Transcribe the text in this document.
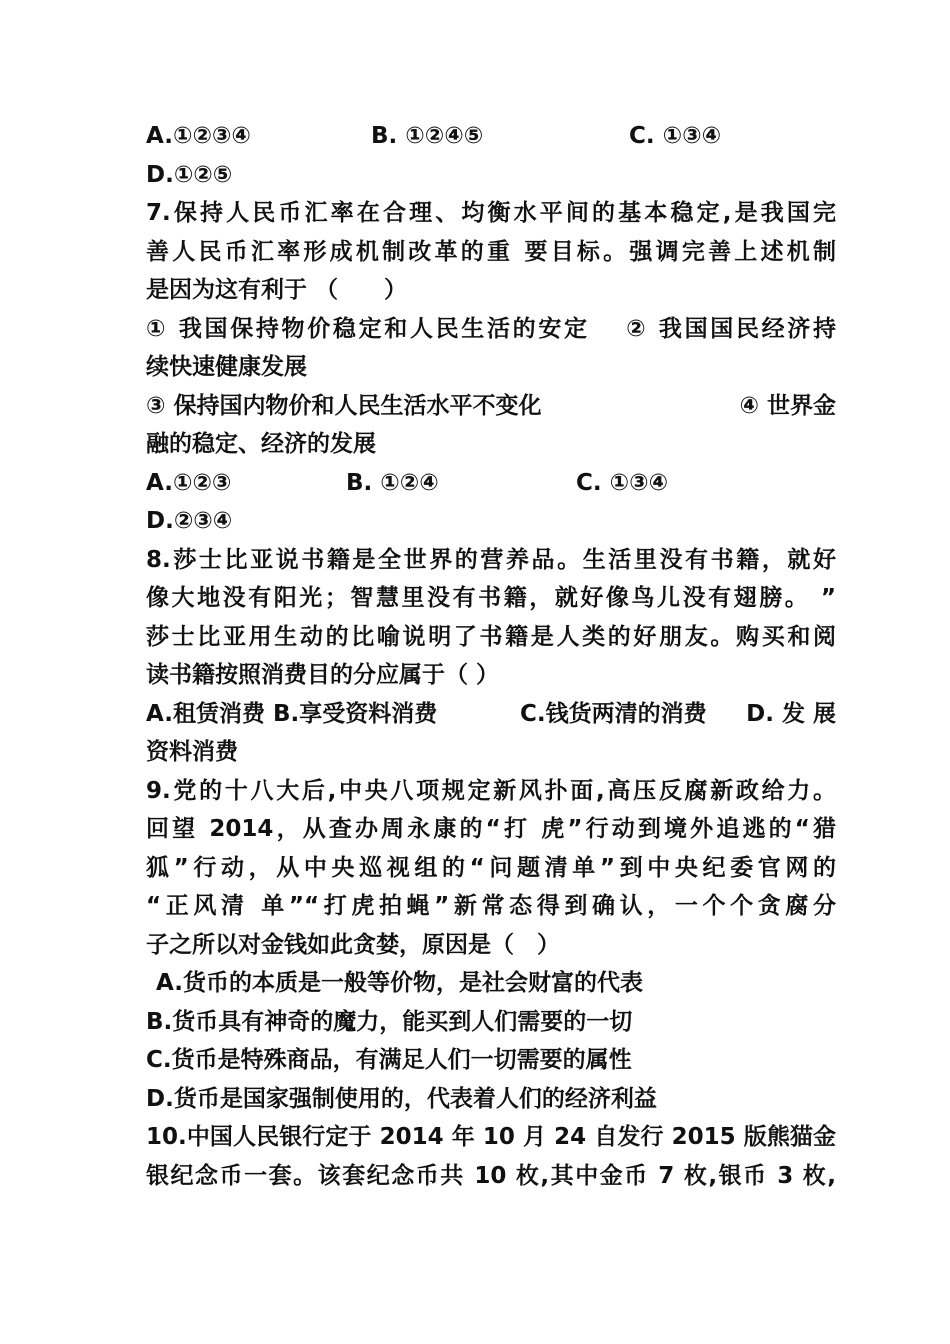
A.①②③④	B. ①②④⑤	C. ①③④
D.①②⑤
7.保持人民币汇率在合理、均衡水平间的基本稳定,是我国完
善人民币汇率形成机制改革的重 要目标。强调完善上述机制
是因为这有利于 （　　）
① 我国保持物价稳定和人民生活的安定　 ② 我国国民经济持
续快速健康发展
③ 保持国内物价和人民生活水平不变化	④ 世界金
融的稳定、经济的发展
A.①②③	B. ①②④	C. ①③④
D.②③④
8.莎士比亚说书籍是全世界的营养品。生活里没有书籍，就好
像大地没有阳光；智慧里没有书籍，就好像鸟儿没有翅膀。 ”
莎士比亚用生动的比喻说明了书籍是人类的好朋友。购买和阅
读书籍按照消费目的分应属于（ ）
A.租赁消费 B.享受资料消费	C.钱货两清的消费 D. 发 展
资料消费
9.党的十八大后,中央八项规定新风扑面,高压反腐新政给力。
回望 2014，从查办周永康的“打 虎”行动到境外追逃的“猎
狐”行动，从中央巡视组的“问题清单”到中央纪委官网的
“正风清 单”“打虎拍蝇”新常态得到确认，一个个贪腐分
子之所以对金钱如此贪婪，原因是（　）
A.货币的本质是一般等价物，是社会财富的代表
B.货币具有神奇的魔力，能买到人们需要的一切
C.货币是特殊商品，有满足人们一切需要的属性
D.货币是国家强制使用的，代表着人们的经济利益
10.中国人民银行定于 2014 年 10 月 24 自发行 2015 版熊猫金
银纪念币一套。该套纪念币共 10 枚,其中金币 7 枚,银币 3 枚,
